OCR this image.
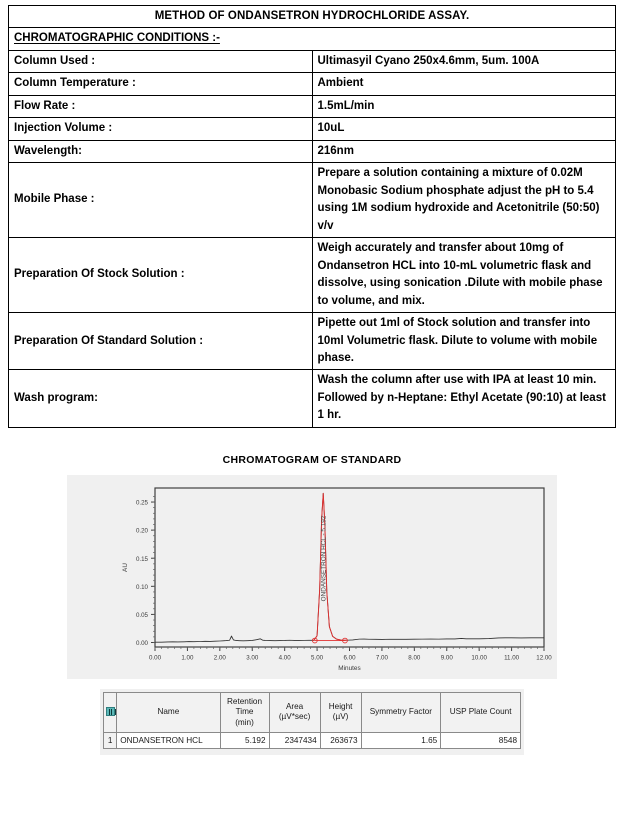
METHOD OF ONDANSETRON HYDROCHLORIDE ASSAY.	
CHROMATOGRAPHIC CONDITIONS :-	
Column Used :	Ultimasyil Cyano 250x4.6mm, 5um. 100A
Column Temperature :	Ambient
Flow Rate :	1.5mL/min
Injection Volume :	10uL
Wavelength:	216nm
Mobile Phase :	Prepare a solution containing a mixture of 0.02M Monobasic Sodium phosphate adjust the pH to 5.4 using 1M sodium hydroxide and Acetonitrile (50:50) v/v
Preparation Of Stock Solution :	Weigh accurately and transfer about 10mg of Ondansetron HCL into 10-mL volumetric flask and dissolve, using sonication .Dilute with mobile phase to volume, and mix.
Preparation Of Standard Solution :	Pipette out 1ml of Stock solution and transfer into 10ml Volumetric flask. Dilute to volume with mobile phase.
Wash program:	Wash the column after use with IPA at least 10 min. Followed by n-Heptane: Ethyl Acetate (90:10) at least 1 hr.
CHROMATOGRAM OF STANDARD
0.00
0.05
0.10
0.15
0.20
0.25
0.00	1.00	2.00	3.00	4.00	5.00	6.00	7.00	8.00	9.00	10.00	11.00	12.00
Minutes
AU	ONDANSETRON HCL - 5.192
	Name	Retention
Time
(min)	Area
(µV*sec)	Height
(µV)	Symmetry Factor	USP Plate Count
1	ONDANSETRON HCL	5.192	2347434	263673	1.65	8548
